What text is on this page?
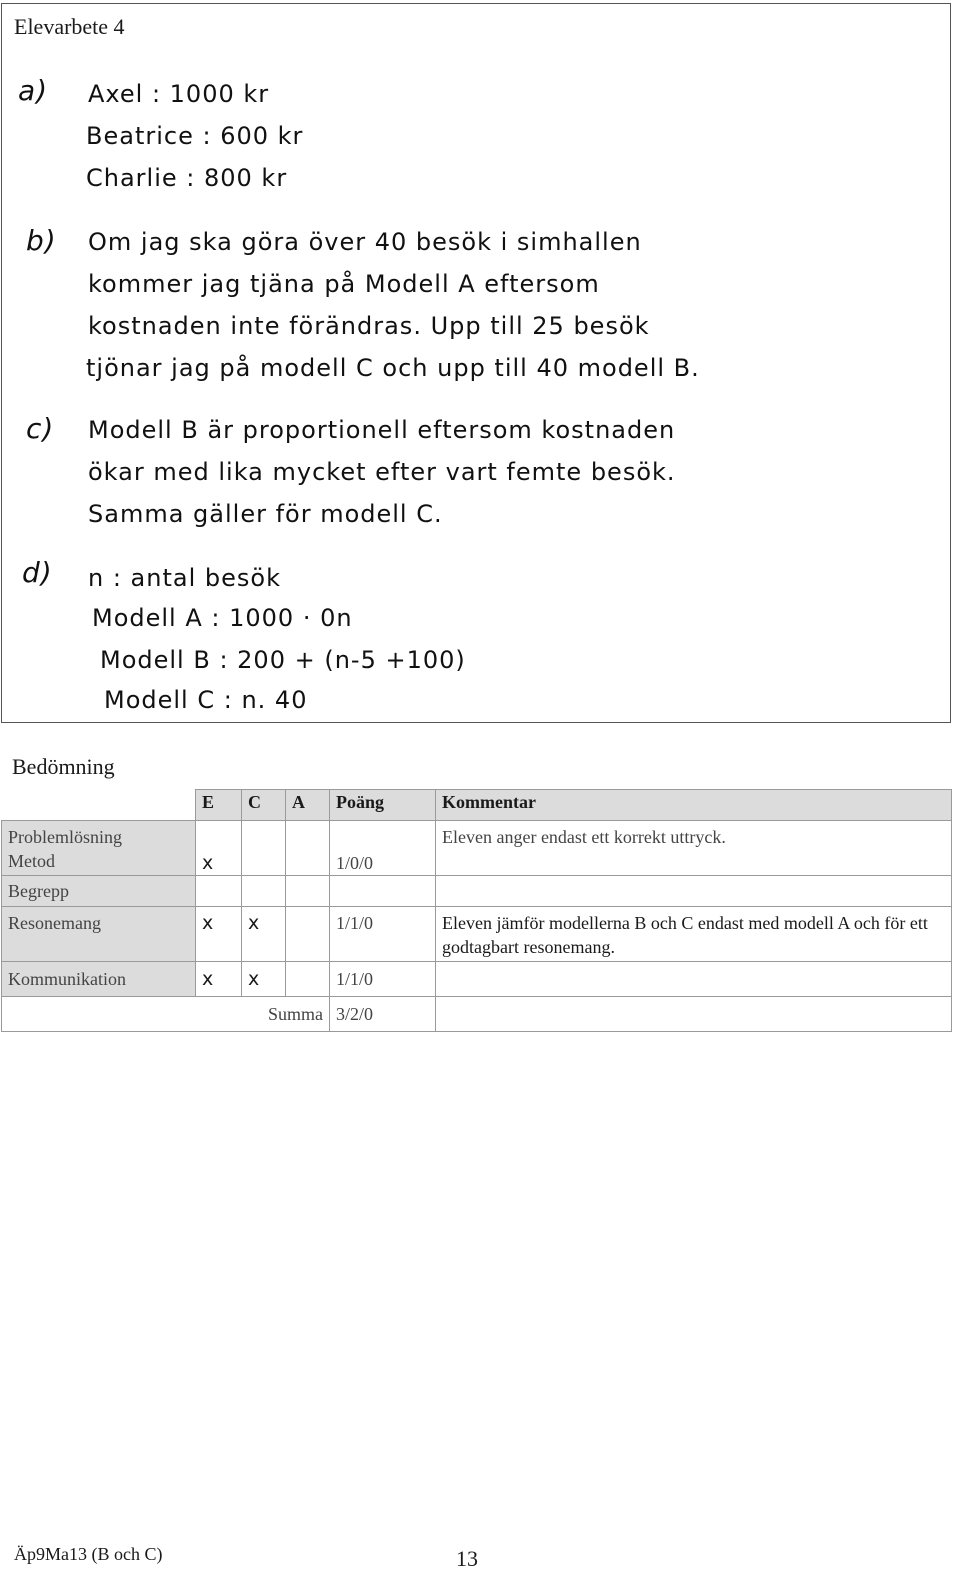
Elevarbete 4
a) Axel : 1000 kr
Beatrice : 600 kr
Charlie : 800 kr
b) Om jag ska göra över 40 besök i simhallen
kommer jag tjäna på Modell A eftersom
kostnaden inte förändras. Upp till 25 besök
tjönar jag på modell C och upp till 40 modell B.
c) Modell B är proportionell eftersom kostnaden
ökar med lika mycket efter vart femte besök.
Samma gäller för modell C.
d) n : antal besök
Modell A : 1000 · 0n
Modell B : 200 + (n-5 +100)
Modell C : n. 40
Bedömning
	E	C	A	Poäng	Kommentar

Problemlösning
Metod	x			1/0/0	Eleven anger endast ett korrekt uttryck.
Begrepp					
Resonemang	x	x		1/1/0	Eleven jämför modellerna B och C endast med modell A och för ett godtagbart resonemang.
Kommunikation	x	x		1/1/0	
	Summa			3/2/0	
Äp9Ma13 (B och C)	13
